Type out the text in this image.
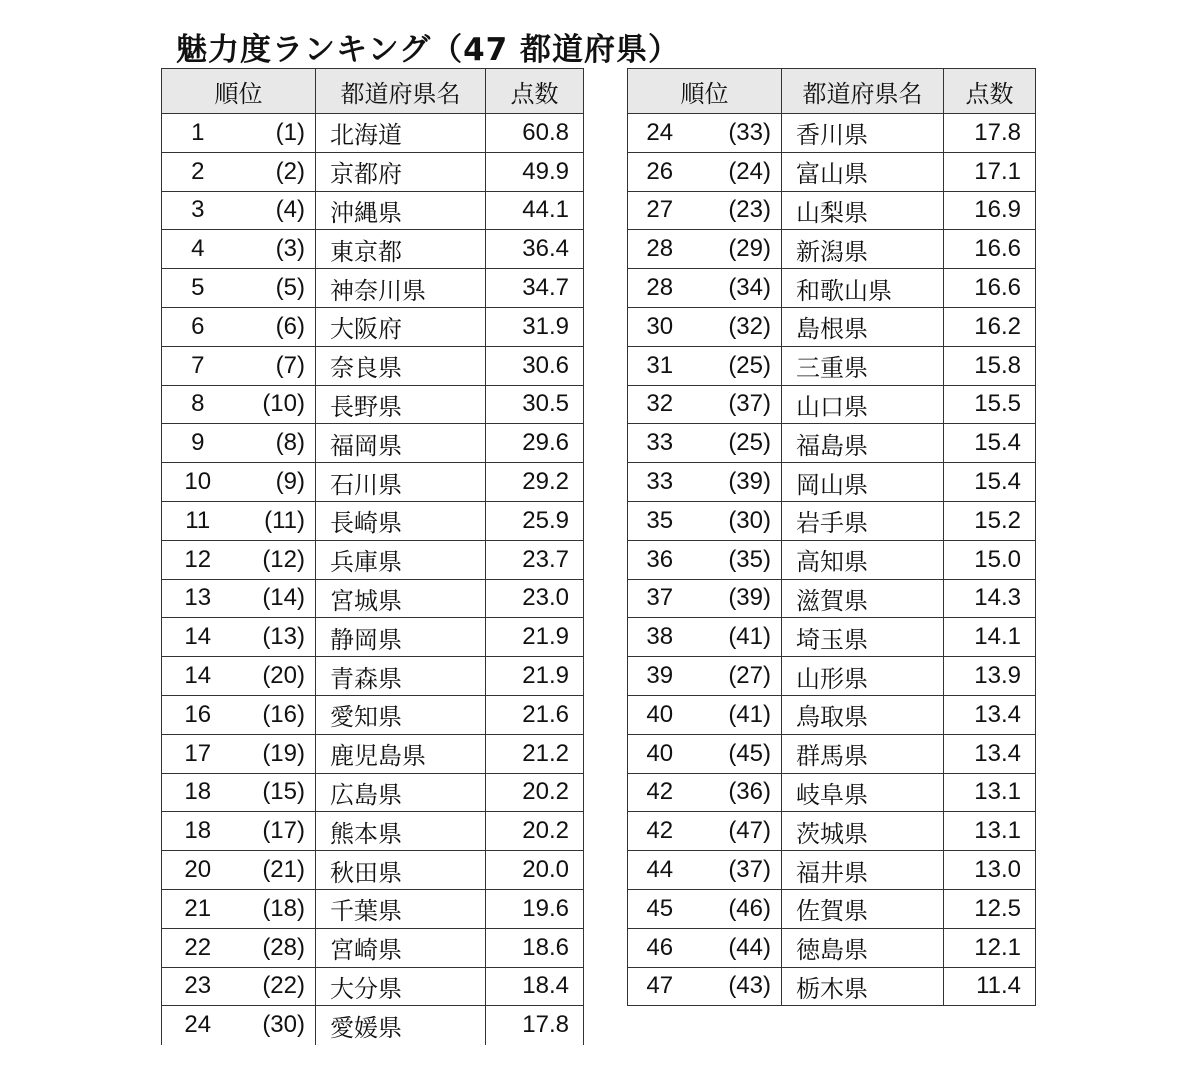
魅力度ランキング（47 都道府県）
順位		都道府県名	点数
1	(1)	北海道	60.8
2	(2)	京都府	49.9
3	(4)	沖縄県	44.1
4	(3)	東京都	36.4
5	(5)	神奈川県	34.7
6	(6)	大阪府	31.9
7	(7)	奈良県	30.6
8	(10)	長野県	30.5
9	(8)	福岡県	29.6
10	(9)	石川県	29.2
11	(11)	長崎県	25.9
12	(12)	兵庫県	23.7
13	(14)	宮城県	23.0
14	(13)	静岡県	21.9
14	(20)	青森県	21.9
16	(16)	愛知県	21.6
17	(19)	鹿児島県	21.2
18	(15)	広島県	20.2
18	(17)	熊本県	20.2
20	(21)	秋田県	20.0
21	(18)	千葉県	19.6
22	(28)	宮崎県	18.6
23	(22)	大分県	18.4
24	(30)	愛媛県	17.8
順位		都道府県名	点数
24	(33)	香川県	17.8
26	(24)	富山県	17.1
27	(23)	山梨県	16.9
28	(29)	新潟県	16.6
28	(34)	和歌山県	16.6
30	(32)	島根県	16.2
31	(25)	三重県	15.8
32	(37)	山口県	15.5
33	(25)	福島県	15.4
33	(39)	岡山県	15.4
35	(30)	岩手県	15.2
36	(35)	高知県	15.0
37	(39)	滋賀県	14.3
38	(41)	埼玉県	14.1
39	(27)	山形県	13.9
40	(41)	鳥取県	13.4
40	(45)	群馬県	13.4
42	(36)	岐阜県	13.1
42	(47)	茨城県	13.1
44	(37)	福井県	13.0
45	(46)	佐賀県	12.5
46	(44)	徳島県	12.1
47	(43)	栃木県	11.4
